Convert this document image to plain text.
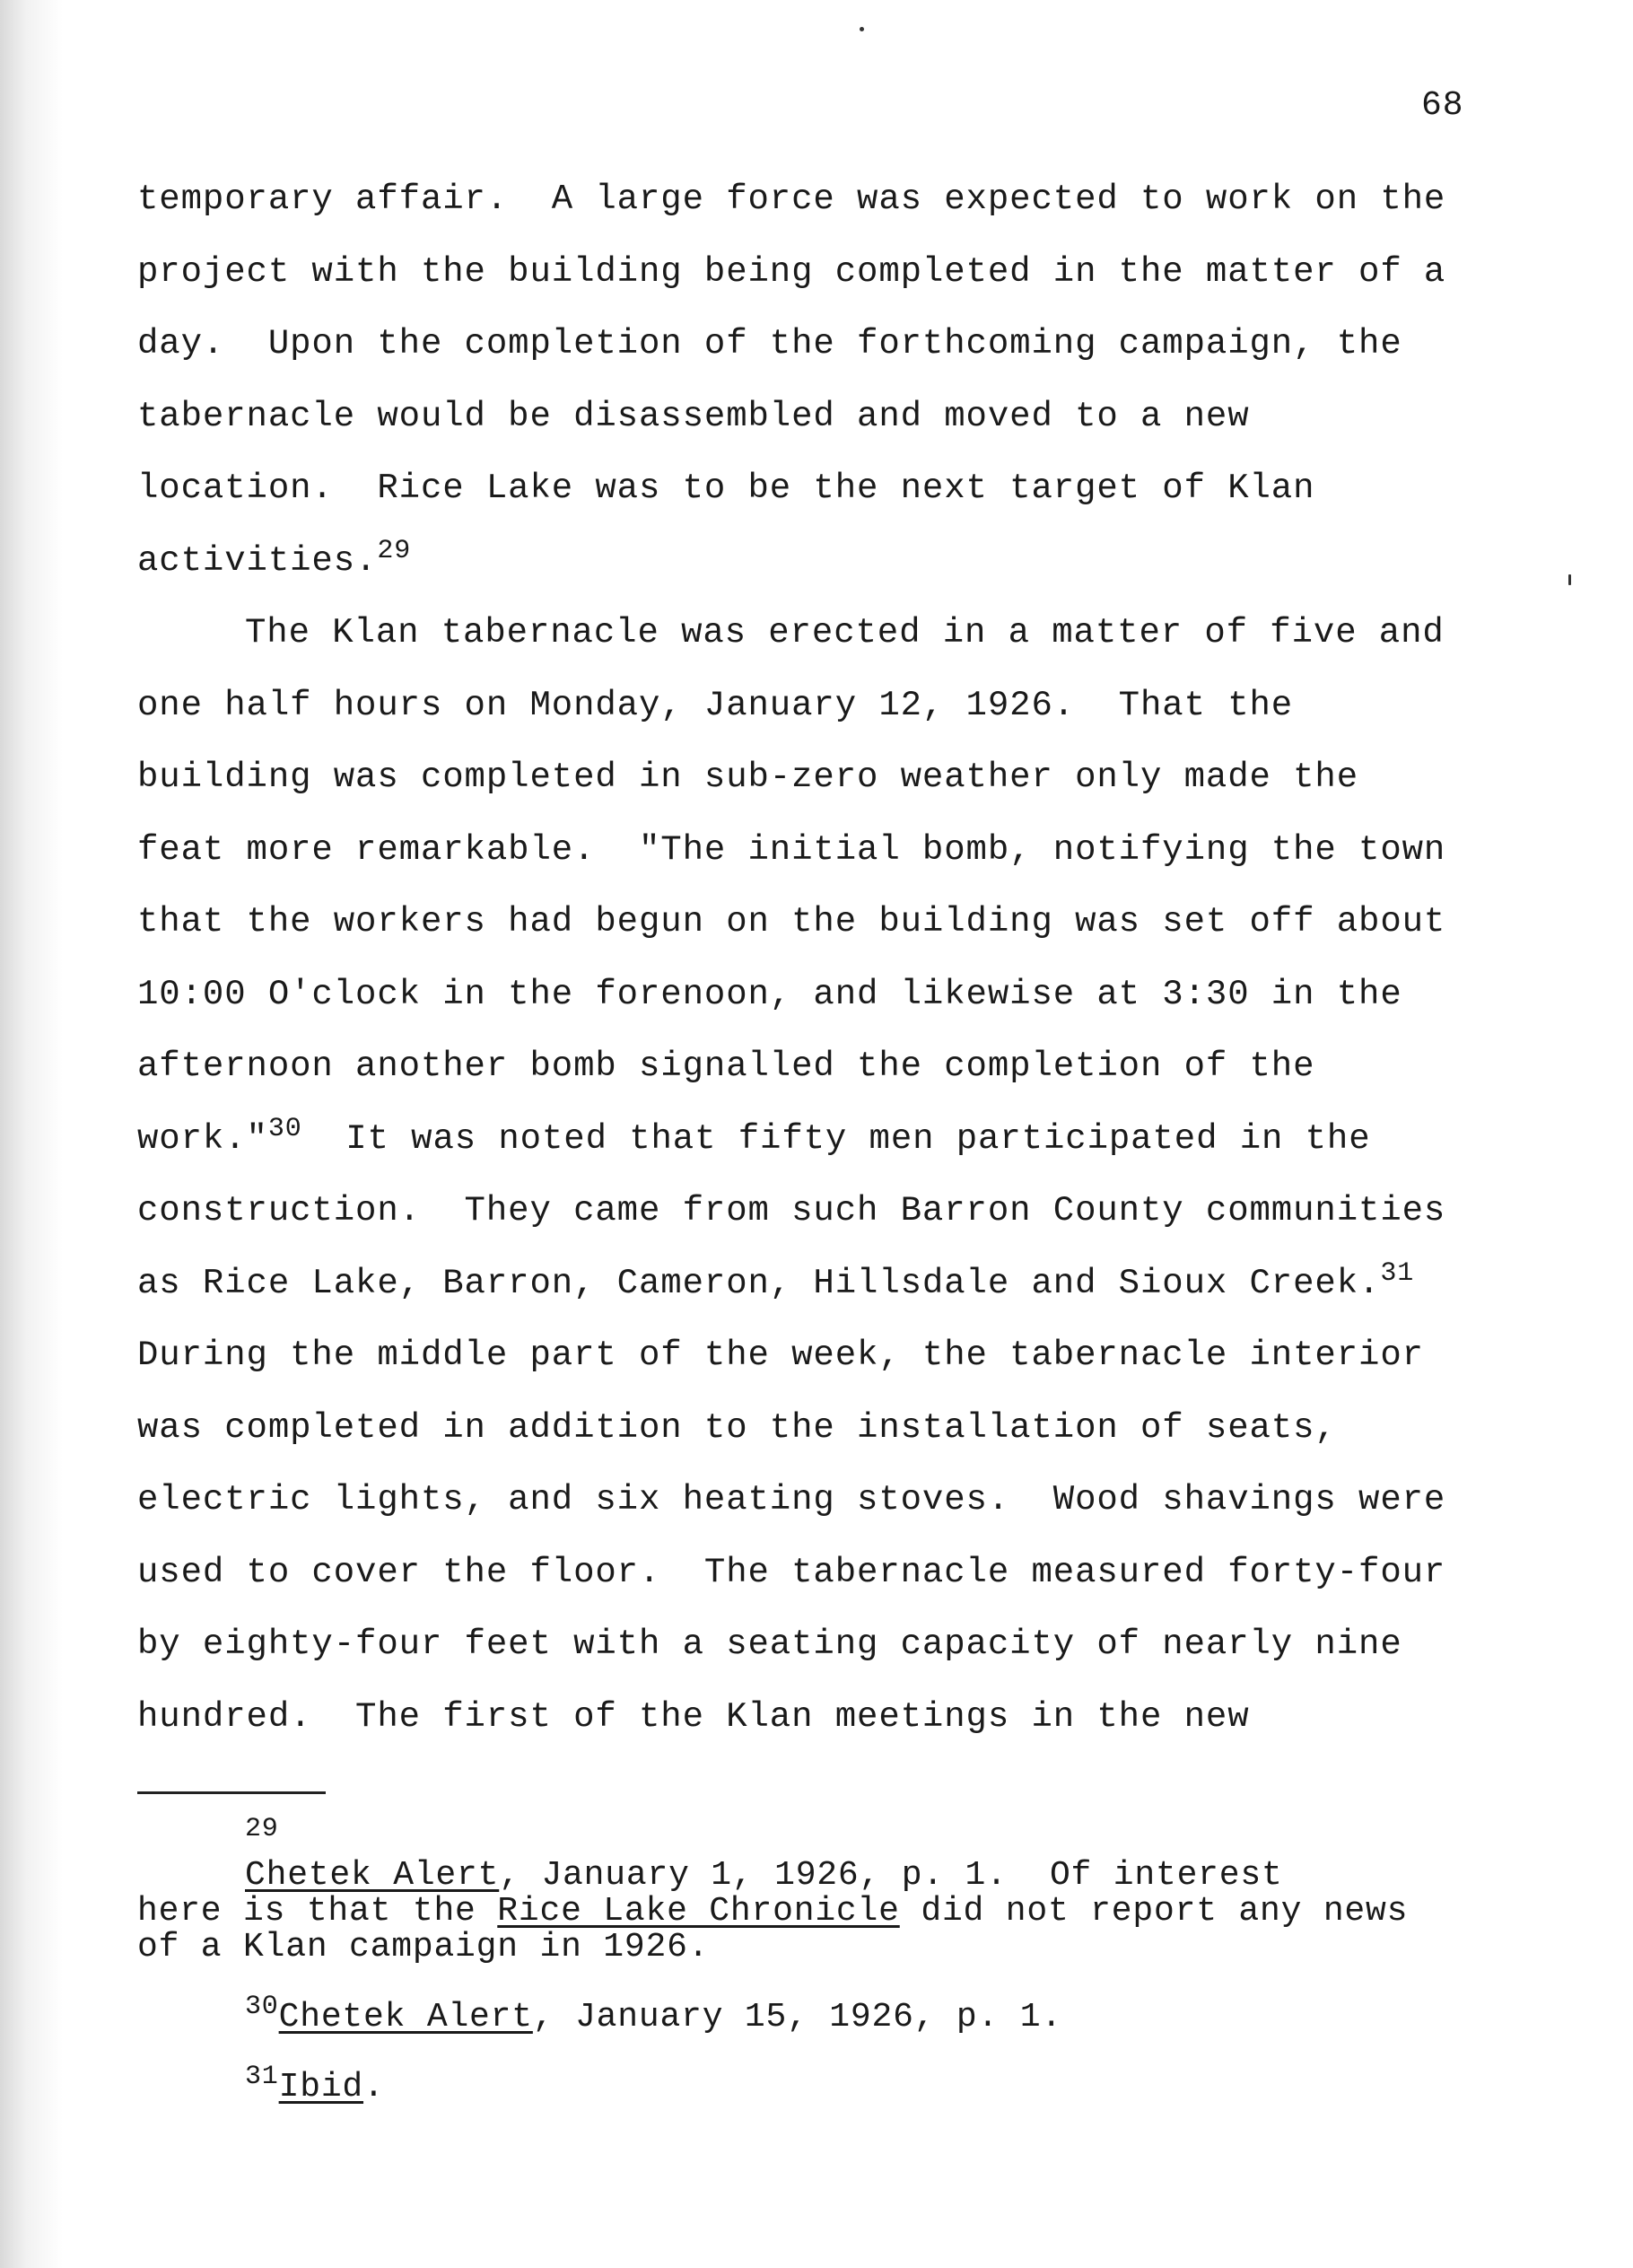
68
temporary affair.  A large force was expected to work on the
project with the building being completed in the matter of a
day.  Upon the completion of the forthcoming campaign, the
tabernacle would be disassembled and moved to a new
location.  Rice Lake was to be the next target of Klan
activities.$^{29}$
The Klan tabernacle was erected in a matter of five and
one half hours on Monday, January 12, 1926.  That the
building was completed in sub-zero weather only made the
feat more remarkable.  "The initial bomb, notifying the town
that the workers had begun on the building was set off about
10:00 O'clock in the forenoon, and likewise at 3:30 in the
afternoon another bomb signalled the completion of the
work."$^{30}$  It was noted that fifty men participated in the
construction.  They came from such Barron County communities
as Rice Lake, Barron, Cameron, Hillsdale and Sioux Creek.$^{31}$
During the middle part of the week, the tabernacle interior
was completed in addition to the installation of seats,
electric lights, and six heating stoves.  Wood shavings were
used to cover the floor.  The tabernacle measured forty-four
by eighty-four feet with a seating capacity of nearly nine
hundred.  The first of the Klan meetings in the new
$^{29}$
Chetek Alert, January 1, 1926, p. 1.  Of interest
here is that the Rice Lake Chronicle did not report any news
of a Klan campaign in 1926.
$^{30}$Chetek Alert, January 15, 1926, p. 1.
$^{31}$Ibid.
